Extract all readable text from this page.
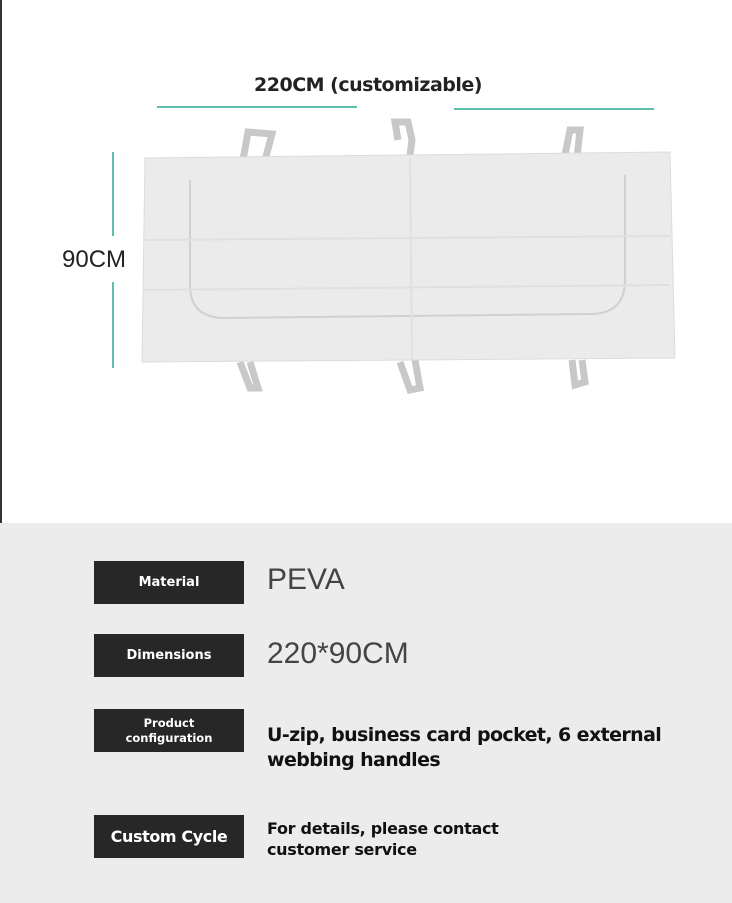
220CM (customizable)
90CM
Material	PEVA
Dimensions	220*90CM
Product configuration	U-zip, business card pocket, 6 external webbing handles
Custom Cycle	For details, please contact customer service
